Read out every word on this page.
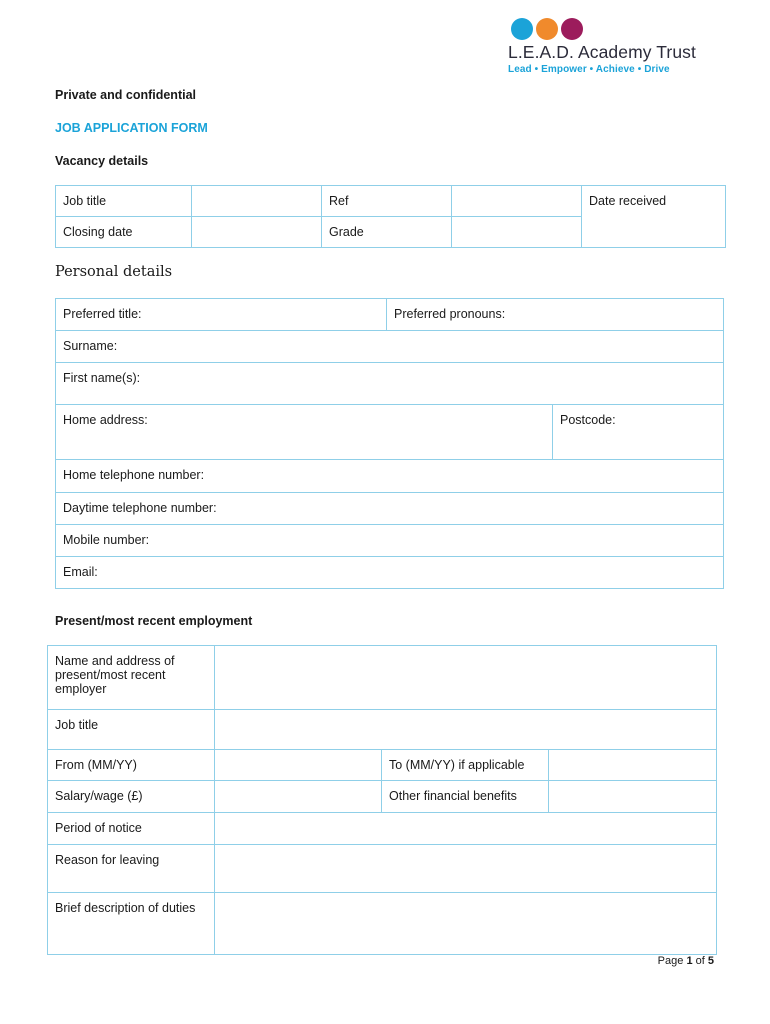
L.E.A.D. Academy Trust
Lead • Empower • Achieve • Drive
Private and confidential
JOB APPLICATION FORM
Vacancy details
Job title		Ref		Date received
Closing date		Grade		
Personal details
Preferred title:	Preferred pronouns:	
Surname:		
First name(s):		
Home address:		Postcode:
Home telephone number:		
Daytime telephone number:		
Mobile number:		
Email:		
Present/most recent employment
Name and address of present/most recent employer			
Job title			
From (MM/YY)		To (MM/YY) if applicable	
Salary/wage (£)		Other financial benefits	
Period of notice			
Reason for leaving			
Brief description of duties			
Page 1 of 5
